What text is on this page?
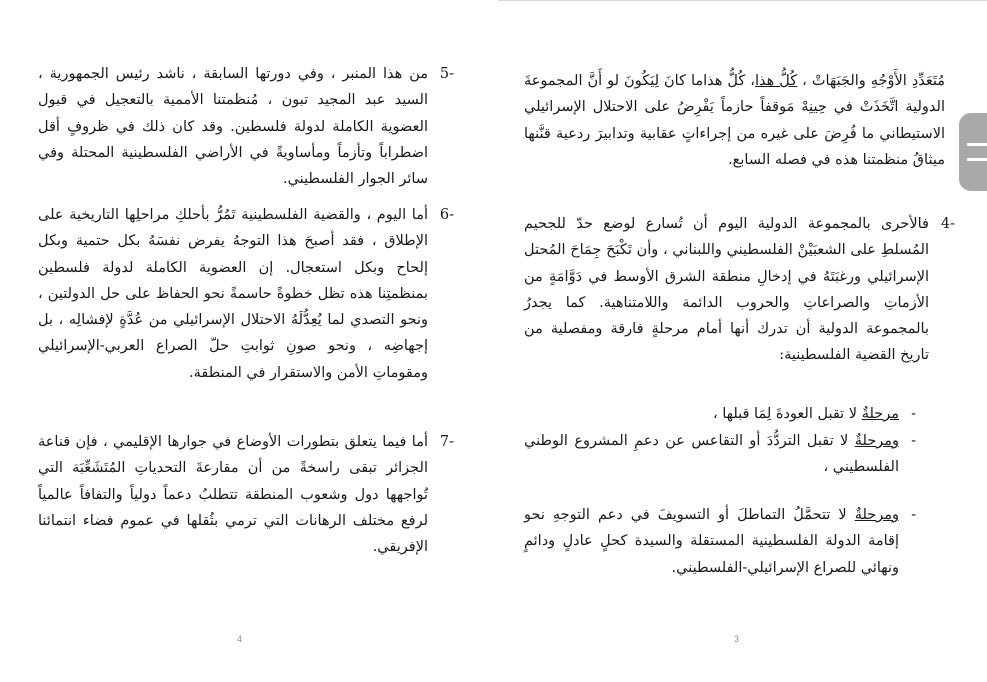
5-
من هذا المنبر ، وفي دورتها السابقة ، ناشد رئيس الجمهورية ، السيد عبد المجيد تبون ، مُنظمتنا الأممية بالتعجيل في قبول العضوية الكاملة لدولة فلسطين. وقد كان ذلك في ظروفٍ أقل اضطراباً وتأزماً ومأساويةً في الأراضي الفلسطينية المحتلة وفي سائر الجوار الفلسطيني.
6-
أما اليوم ، والقضية الفلسطينية تَمُرُّ بأحلكِ مراحلِها التاريخية على الإطلاق ، فقد أصبحَ هذا التوجهُ يفرض نفسَهُ بكل حتمية وبكل إلحاح وبكل استعجال. إن العضوية الكاملة لدولة فلسطين بمنظمتِنا هذه تظل خطوةً حاسمةً نحو الحفاظ على حل الدولتين ، ونحو التصدي لما يُعِدُّلَهُ الاحتلال الإسرائيلي من عُدَّةٍ لإفشالِه ، بل إجهاضِه ، ونحو صونِ ثوابتِ حلّ الصراع العربي-الإسرائيلي ومقوماتِ الأمن والاستقرار في المنطقة.
7-
أما فيما يتعلق بتطورات الأوضاع في جوارها الإقليمي ، فإن قناعة الجزائر تبقى راسخةً من أن مقارعةَ التحدياتِ المُتَشَعِّبَة التي تُواجهها دول وشعوب المنطقة تتطلبُ دعماً دولياً والتفافاً عالمياً لرفع مختلف الرهانات التي ترمي بثُقلها في عموم فضاء انتمائنا الإفريقي.
4
مُتَعَدِّدِ الأَوْجُهِ والجَبَهَاتْ ، كُلُّ هذا، كُلُّ هذاما كانَ لِيَكُونَ لو أَنَّ المجموعةَ الدولية اتَّخَذَتْ في حِينِهْ مَوقفاً حازماً يَفْرِضُ على الاحتلال الإسرائيلي الاستيطاني ما فُرِضَ على غيره من إجراءاتٍ عقابية وتدابيرَ ردعية قنَّنها ميثاقُ منظمتنا هذه في فصله السابع.
4-
فالأحرى بالمجموعة الدولية اليوم أن تُسارع لوضع حدّ للجحيم المُسلطِ على الشعبَيْنْ الفلسطيني واللبناني ، وأن تَكْبَحَ جِمَاحَ المُحتل الإسرائيلي ورغبَتَهُ في إدخالِ منطقة الشرق الأوسط في دَوَّامَةٍ من الأزماتِ والصراعاتِ والحروب الدائمة واللامتناهية. كما يجدرُ بالمجموعة الدولية أن تدرك أنها أمام مرحلةٍ فارقة ومفصلية من تاريخ القضية الفلسطينية:
-
مرحلةٌ لا تقبل العودةَ لِمَا قبلها ،
-
ومرحلةٌ لا تقبل التردُّدَ أو التقاعس عن دعمِ المشروع الوطني الفلسطيني ،
-
ومرحلةٌ لا تتحمَّلُ التماطلَ أو التسويفَ في دعم التوجهِ نحو إقامة الدولة الفلسطينية المستقلة والسيدة كحلٍ عادلٍ ودائمٍ ونهائي للصراع الإسرائيلي-الفلسطيني.
3
